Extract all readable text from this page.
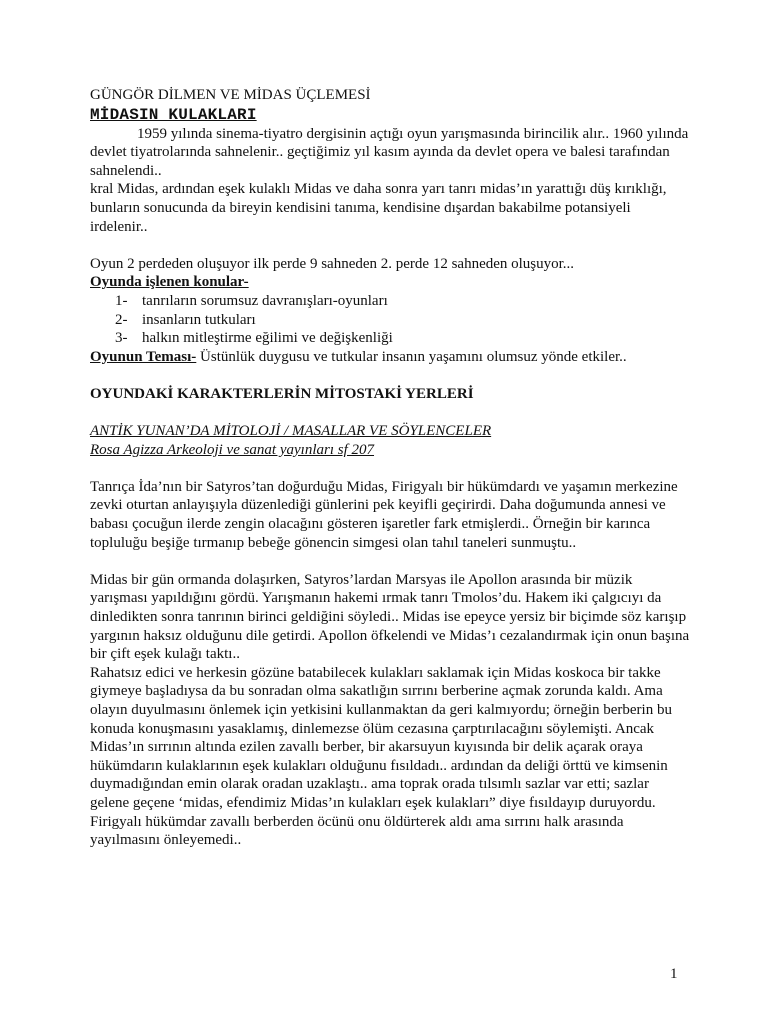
GÜNGÖR DİLMEN VE MİDAS ÜÇLEMESİ

MİDASIN KULAKLARI

1959 yılında sinema-tiyatro dergisinin açtığı oyun yarışmasında birincilik alır.. 1960 yılında devlet tiyatrolarında sahnelenir.. geçtiğimiz yıl kasım ayında da devlet opera ve balesi tarafından sahnelendi..

kral Midas, ardından eşek kulaklı Midas ve daha sonra yarı tanrı midas’ın yarattığı düş kırıklığı, bunların sonucunda da bireyin kendisini tanıma, kendisine dışardan bakabilme potansiyeli irdelenir..

Oyun 2 perdeden oluşuyor ilk perde 9 sahneden 2. perde 12 sahneden oluşuyor...

Oyunda işlenen konular-

1- tanrıların sorumsuz davranışları-oyunları
2- insanların tutkuları
3- halkın mitleştirme eğilimi ve değişkenliği

Oyunun Teması- Üstünlük duygusu ve tutkular insanın yaşamını olumsuz yönde etkiler..

OYUNDAKİ KARAKTERLERİN MİTOSTAKİ YERLERİ

ANTİK YUNAN’DA MİTOLOJİ / MASALLAR VE SÖYLENCELER

Rosa Agizza Arkeoloji ve sanat yayınları sf 207

Tanrıça İda’nın bir Satyros’tan doğurduğu Midas, Firigyalı bir hükümdardı ve yaşamın merkezine zevki oturtan anlayışıyla düzenlediği günlerini pek keyifli geçirirdi. Daha doğumunda annesi ve babası çocuğun ilerde zengin olacağını gösteren işaretler fark etmişlerdi.. Örneğin bir karınca topluluğu beşiğe tırmanıp bebeğe gönencin simgesi olan tahıl taneleri sunmuştu..

Midas bir gün ormanda dolaşırken, Satyros’lardan Marsyas ile Apollon arasında bir müzik yarışması yapıldığını gördü. Yarışmanın hakemi ırmak tanrı Tmolos’du. Hakem iki çalgıcıyı da dinledikten sonra tanrının birinci geldiğini söyledi.. Midas ise epeyce yersiz bir biçimde söz karışıp yargının haksız olduğunu dile getirdi. Apollon öfkelendi ve Midas’ı cezalandırmak için onun başına bir çift eşek kulağı taktı..

Rahatsız edici ve herkesin gözüne batabilecek kulakları saklamak için Midas koskoca bir takke giymeye başladıysa da bu sonradan olma sakatlığın sırrını berberine açmak zorunda kaldı. Ama olayın duyulmasını önlemek için yetkisini kullanmaktan da geri kalmıyordu; örneğin berberin bu konuda konuşmasını yasaklamış, dinlemezse ölüm cezasına çarptırılacağını söylemişti. Ancak Midas’ın sırrının altında ezilen zavallı berber, bir akarsuyun kıyısında bir delik açarak oraya hükümdarın kulaklarının eşek kulakları olduğunu fısıldadı.. ardından da deliği örttü ve kimsenin duymadığından emin olarak oradan uzaklaştı.. ama toprak orada tılsımlı sazlar var etti; sazlar gelene geçene ‘midas, efendimiz Midas’ın kulakları eşek kulakları” diye fısıldayıp duruyordu. Firigyalı hükümdar zavallı berberden öcünü onu öldürterek aldı ama sırrını halk arasında yayılmasını önleyemedi..

1
